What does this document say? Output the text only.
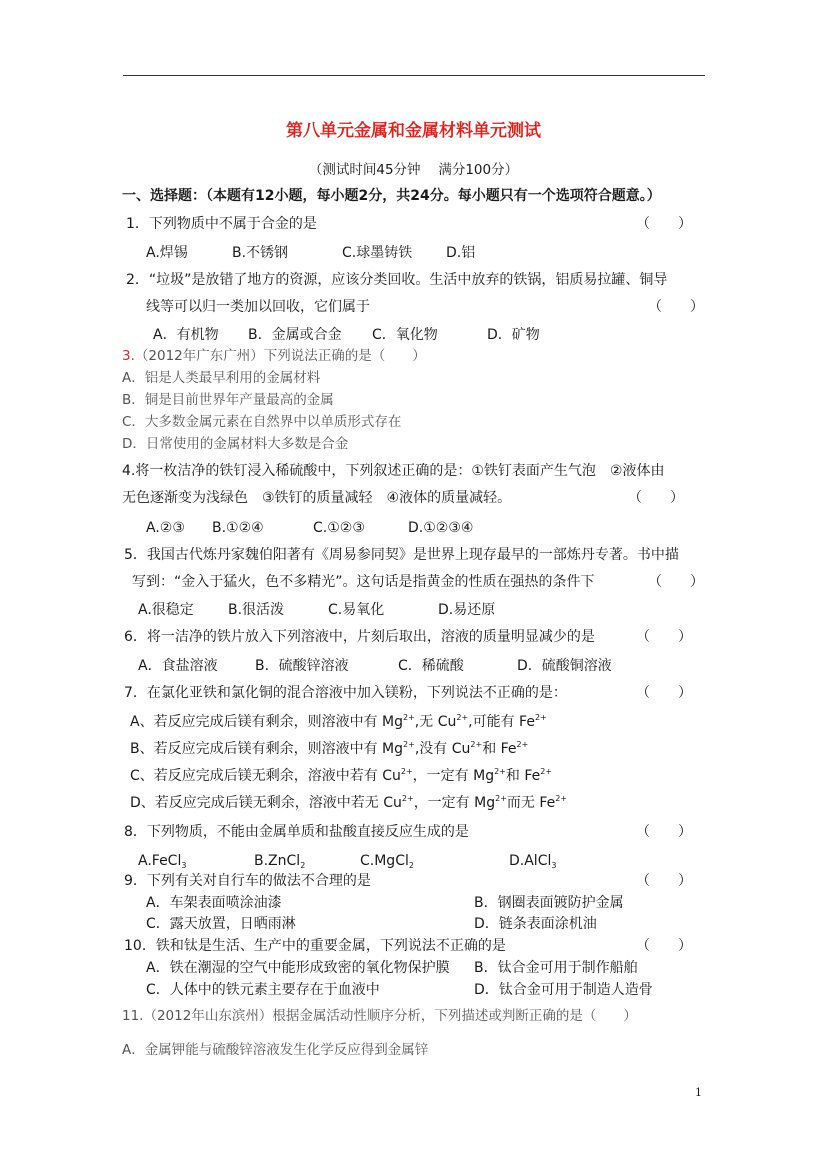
第八单元金属和金属材料单元测试
（测试时间45分钟　 满分100分）
一、选择题：（本题有12小题，每小题2分，共24分。每小题只有一个选项符合题意。）
1．下列物质中不属于合金的是	（　　）
A.焊锡	B.不锈钢	C.球墨铸铁 D.铝
2．“垃圾”是放错了地方的资源，应该分类回收。生活中放弃的铁锅，铝质易拉罐、铜导
线等可以归一类加以回收，它们属于	（　　）
A．有机物 B．金属或合金 C．氧化物	D．矿物
3.（2012年广东广州）下列说法正确的是（　　）
A．铝是人类最早利用的金属材料
B．铜是目前世界年产量最高的金属
C．大多数金属元素在自然界中以单质形式存在
D．日常使用的金属材料大多数是合金
4.将一枚洁净的铁钉浸入稀硫酸中，下列叙述正确的是：①铁钉表面产生气泡　②液体由
无色逐渐变为浅绿色　③铁钉的质量减轻　④液体的质量减轻。	（　　）
A.②③ B.①②④	C.①②③	D.①②③④
5．我国古代炼丹家魏伯阳著有《周易参同契》是世界上现存最早的一部炼丹专著。书中描
写到：“金入于猛火，色不多精光”。这句话是指黄金的性质在强热的条件下	（　　）
A.很稳定 B.很活泼	C.易氧化	D.易还原
6．将一洁净的铁片放入下列溶液中，片刻后取出，溶液的质量明显减少的是	（　　）
A．食盐溶液	B．硫酸锌溶液	C．稀硫酸	D．硫酸铜溶液
7．在氯化亚铁和氯化铜的混合溶液中加入镁粉，下列说法不正确的是：	（　　）
A、若反应完成后镁有剩余，则溶液中有 $Mg^{2+}$,无 $Cu^{2+}$,可能有 $Fe^{2+}$
B、若反应完成后镁有剩余，则溶液中有 $Mg^{2+}$,没有 $Cu^{2+}$和 $Fe^{2+}$
C、若反应完成后镁无剩余，溶液中若有 $Cu^{2+}$，一定有 $Mg^{2+}$和 $Fe^{2+}$
D、若反应完成后镁无剩余，溶液中若无 $Cu^{2+}$，一定有 $Mg^{2+}$而无 $Fe^{2+}$
8．下列物质，不能由金属单质和盐酸直接反应生成的是	（　　）
A.FeCl$_3$	B.ZnCl$_2$	C.MgCl$_2$	D.AlCl$_3$
9．下列有关对自行车的做法不合理的是	（　　）
A．车架表面喷涂油漆	B．钢圈表面镀防护金属
C．露天放置，日晒雨淋	D．链条表面涂机油
10．铁和钛是生活、生产中的重要金属，下列说法不正确的是	（　　）
A．铁在潮湿的空气中能形成致密的氧化物保护膜 B．钛合金可用于制作船舶
C．人体中的铁元素主要存在于血液中	D．钛合金可用于制造人造骨
11.（2012年山东滨州）根据金属活动性顺序分析，下列描述或判断正确的是（　　）
A．金属钾能与硫酸锌溶液发生化学反应得到金属锌
1
